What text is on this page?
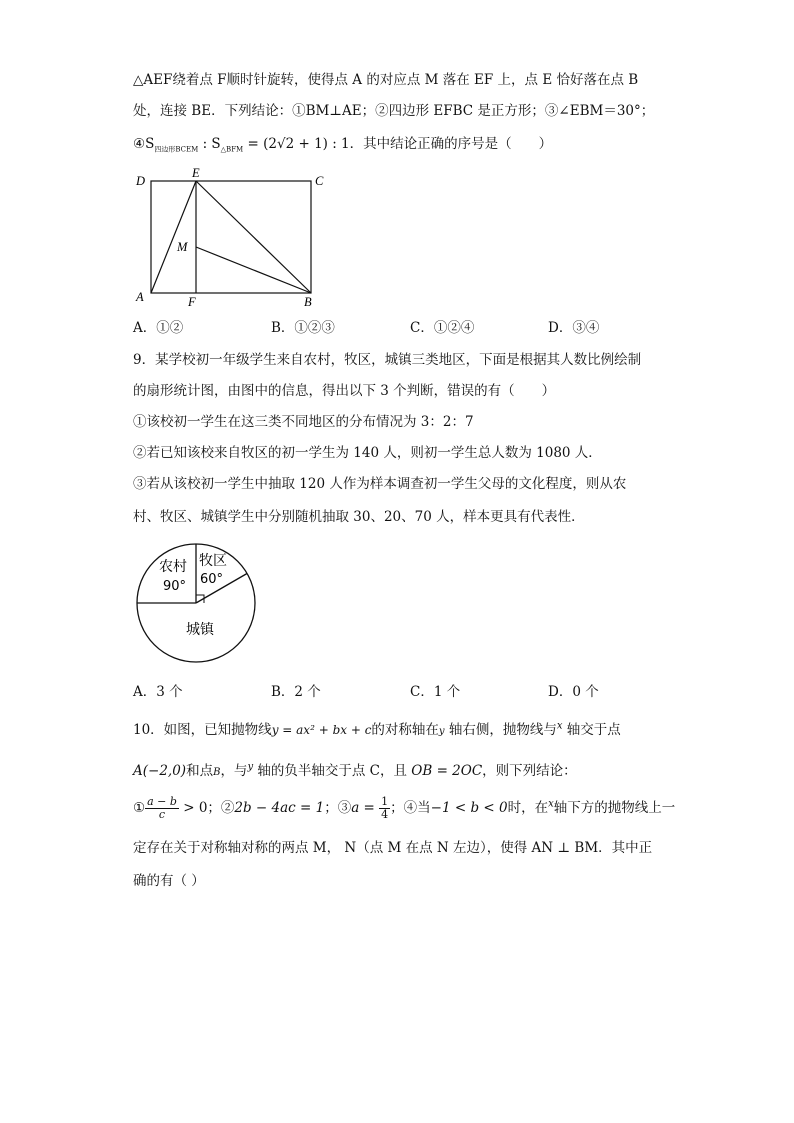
△AEF绕着点 F顺时针旋转，使得点 A 的对应点 M 落在 EF 上，点 E 恰好落在点 B
处，连接 BE．下列结论：①BM⊥AE；②四边形 EFBC 是正方形；③∠EBM＝30°；
$④S_{四边形BCEM}$ : $S_{\triangle BFM} = (2√2 + 1)$ : 1．其中结论正确的序号是（　　）
D
E
C
M
A	F	B
A．①②	B．①②③	C．①②④	D．③④
9．某学校初一年级学生来自农村，牧区，城镇三类地区，下面是根据其人数比例绘制
的扇形统计图，由图中的信息，得出以下 3 个判断，错误的有（　　）
①该校初一学生在这三类不同地区的分布情况为 3：2：7
②若已知该校来自牧区的初一学生为 140 人，则初一学生总人数为 1080 人．
③若从该校初一学生中抽取 120 人作为样本调查初一学生父母的文化程度，则从农
村、牧区、城镇学生中分别随机抽取 30、20、70 人，样本更具有代表性．
农村
90°
牧区
60°
城镇
A．3 个	B．2 个	C．1 个	D．0 个
10．如图，已知抛物线y = ax² + bx + c的对称轴在y 轴右侧，抛物线与$^x$ 轴交于点
A(−2,0)和点B，与$^y$ 轴的负半轴交于点 C，且 OB = 2OC，则下列结论：
① $\frac{a - b}{c} > 0$；②2b − 4ac = 1；③a = $\frac{1}{4}$ ；④当−1 < b < 0时，在$^x$轴下方的抛物线上一
定存在关于对称轴对称的两点 M， N（点 M 在点 N 左边），使得 AN ⊥ BM．其中正
确的有（ ）
